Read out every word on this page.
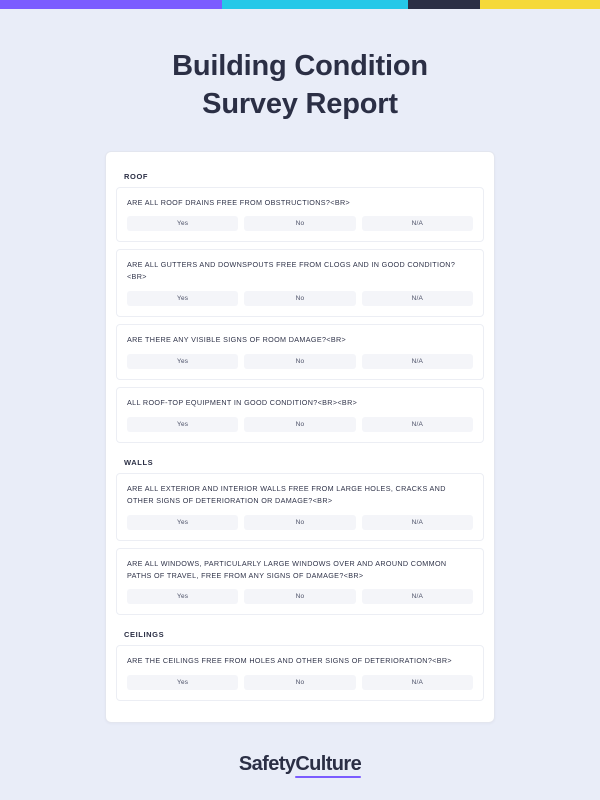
Building Condition
Survey Report
ROOF
ARE ALL ROOF DRAINS FREE FROM OBSTRUCTIONS?<BR>
Yes	No	N/A
ARE ALL GUTTERS AND DOWNSPOUTS FREE FROM CLOGS AND IN GOOD CONDITION?<BR>
Yes	No	N/A
ARE THERE ANY VISIBLE SIGNS OF ROOM DAMAGE?<BR>
Yes	No	N/A
ALL ROOF-TOP EQUIPMENT IN GOOD CONDITION?<BR><BR>
Yes	No	N/A
WALLS
ARE ALL EXTERIOR AND INTERIOR WALLS FREE FROM LARGE HOLES, CRACKS AND OTHER SIGNS OF DETERIORATION OR DAMAGE?<BR>
Yes	No	N/A
ARE ALL WINDOWS, PARTICULARLY LARGE WINDOWS OVER AND AROUND COMMON PATHS OF TRAVEL, FREE FROM ANY SIGNS OF DAMAGE?<BR>
Yes	No	N/A
CEILINGS
ARE THE CEILINGS FREE FROM HOLES AND OTHER SIGNS OF DETERIORATION?<BR>
Yes	No	N/A
SafetyCulture
